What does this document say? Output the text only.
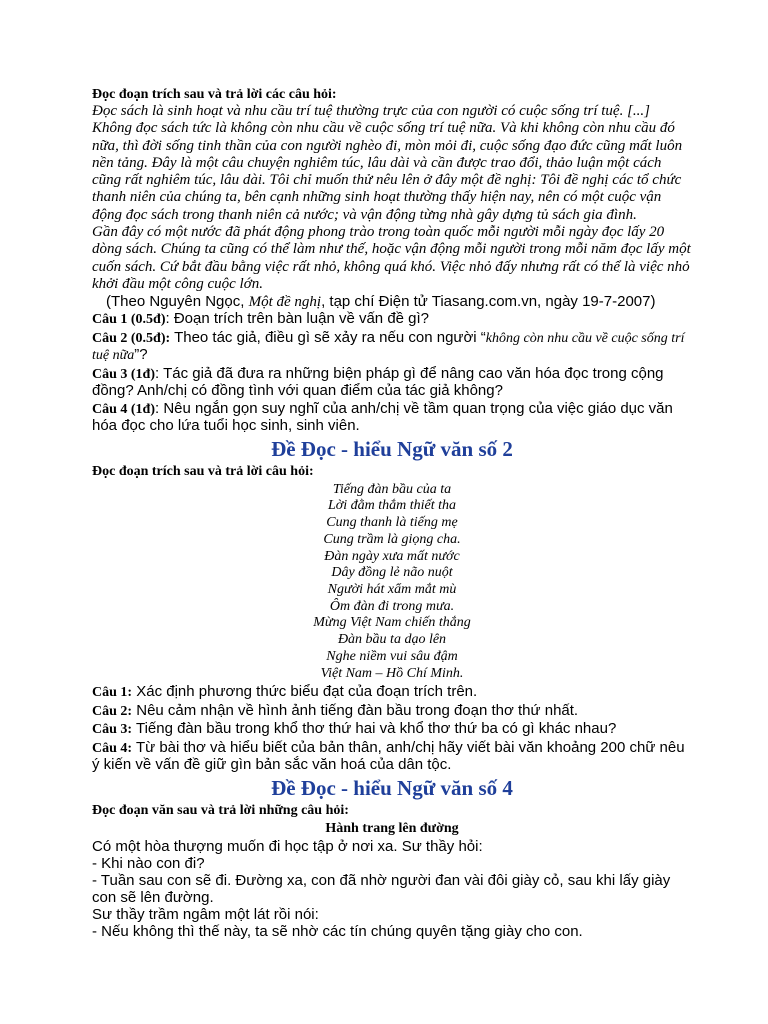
Đọc đoạn trích sau và trả lời các câu hỏi:

Đọc sách là sinh hoạt và nhu cầu trí tuệ thường trực của con người có cuộc sống trí tuệ. [...] Không đọc sách tức là không còn nhu cầu về cuộc sống trí tuệ nữa. Và khi không còn nhu cầu đó nữa, thì đời sống tinh thần của con người nghèo đi, mòn mỏi đi, cuộc sống đạo đức cũng mất luôn nền tảng. Đây là một câu chuyện nghiêm túc, lâu dài và cần được trao đổi, thảo luận một cách cũng rất nghiêm túc, lâu dài. Tôi chỉ muốn thử nêu lên ở đây một đề nghị: Tôi đề nghị các tổ chức thanh niên của chúng ta, bên cạnh những sinh hoạt thường thấy hiện nay, nên có một cuộc vận động đọc sách trong thanh niên cả nước; và vận động từng nhà gây dựng tủ sách gia đình.

Gần đây có một nước đã phát động phong trào trong toàn quốc mỗi người mỗi ngày đọc lấy 20 dòng sách. Chúng ta cũng có thể làm như thế, hoặc vận động mỗi người trong mỗi năm đọc lấy một cuốn sách. Cứ bắt đầu bằng việc rất nhỏ, không quá khó. Việc nhỏ đấy nhưng rất có thể là việc nhỏ khởi đầu một công cuộc lớn.

(Theo Nguyên Ngọc, Một đề nghị, tạp chí Điện tử Tiasang.com.vn, ngày 19-7-2007)

Câu 1 (0.5đ): Đoạn trích trên bàn luận về vấn đề gì?

Câu 2 (0.5đ): Theo tác giả, điều gì sẽ xảy ra nếu con người “không còn nhu cầu về cuộc sống trí tuệ nữa”?

Câu 3 (1đ): Tác giả đã đưa ra những biện pháp gì để nâng cao văn hóa đọc trong cộng đồng? Anh/chị có đồng tình với quan điểm của tác giả không?

Câu 4 (1đ): Nêu ngắn gọn suy nghĩ của anh/chị về tầm quan trọng của việc giáo dục văn hóa đọc cho lứa tuổi học sinh, sinh viên.

Đề Đọc - hiểu Ngữ văn số 2

Đọc đoạn trích sau và trả lời câu hỏi:

Tiếng đàn bầu của ta
Lời đằm thắm thiết tha
Cung thanh là tiếng mẹ
Cung trầm là giọng cha.
Đàn ngày xưa mất nước
Dây đồng lẻ não nuột
Người hát xẩm mắt mù
Ôm đàn đi trong mưa.
Mừng Việt Nam chiến thắng
Đàn bầu ta dạo lên
Nghe niềm vui sâu đậm
Việt Nam – Hồ Chí Minh.

Câu 1: Xác định phương thức biểu đạt của đoạn trích trên.

Câu 2: Nêu cảm nhận về hình ảnh tiếng đàn bầu trong đoạn thơ thứ nhất.

Câu 3: Tiếng đàn bầu trong khổ thơ thứ hai và khổ thơ thứ ba có gì khác nhau?

Câu 4: Từ bài thơ và hiểu biết của bản thân, anh/chị hãy viết bài văn khoảng 200 chữ nêu ý kiến về vấn đề giữ gìn bản sắc văn hoá của dân tộc.

Đề Đọc - hiểu Ngữ văn số 4

Đọc đoạn văn sau và trả lời những câu hỏi:

Hành trang lên đường

Có một hòa thượng muốn đi học tập ở nơi xa. Sư thầy hỏi:

- Khi nào con đi?

- Tuần sau con sẽ đi. Đường xa, con đã nhờ người đan vài đôi giày cỏ, sau khi lấy giày con sẽ lên đường.

Sư thầy trầm ngâm một lát rồi nói:

- Nếu không thì thế này, ta sẽ nhờ các tín chúng quyên tặng giày cho con.
